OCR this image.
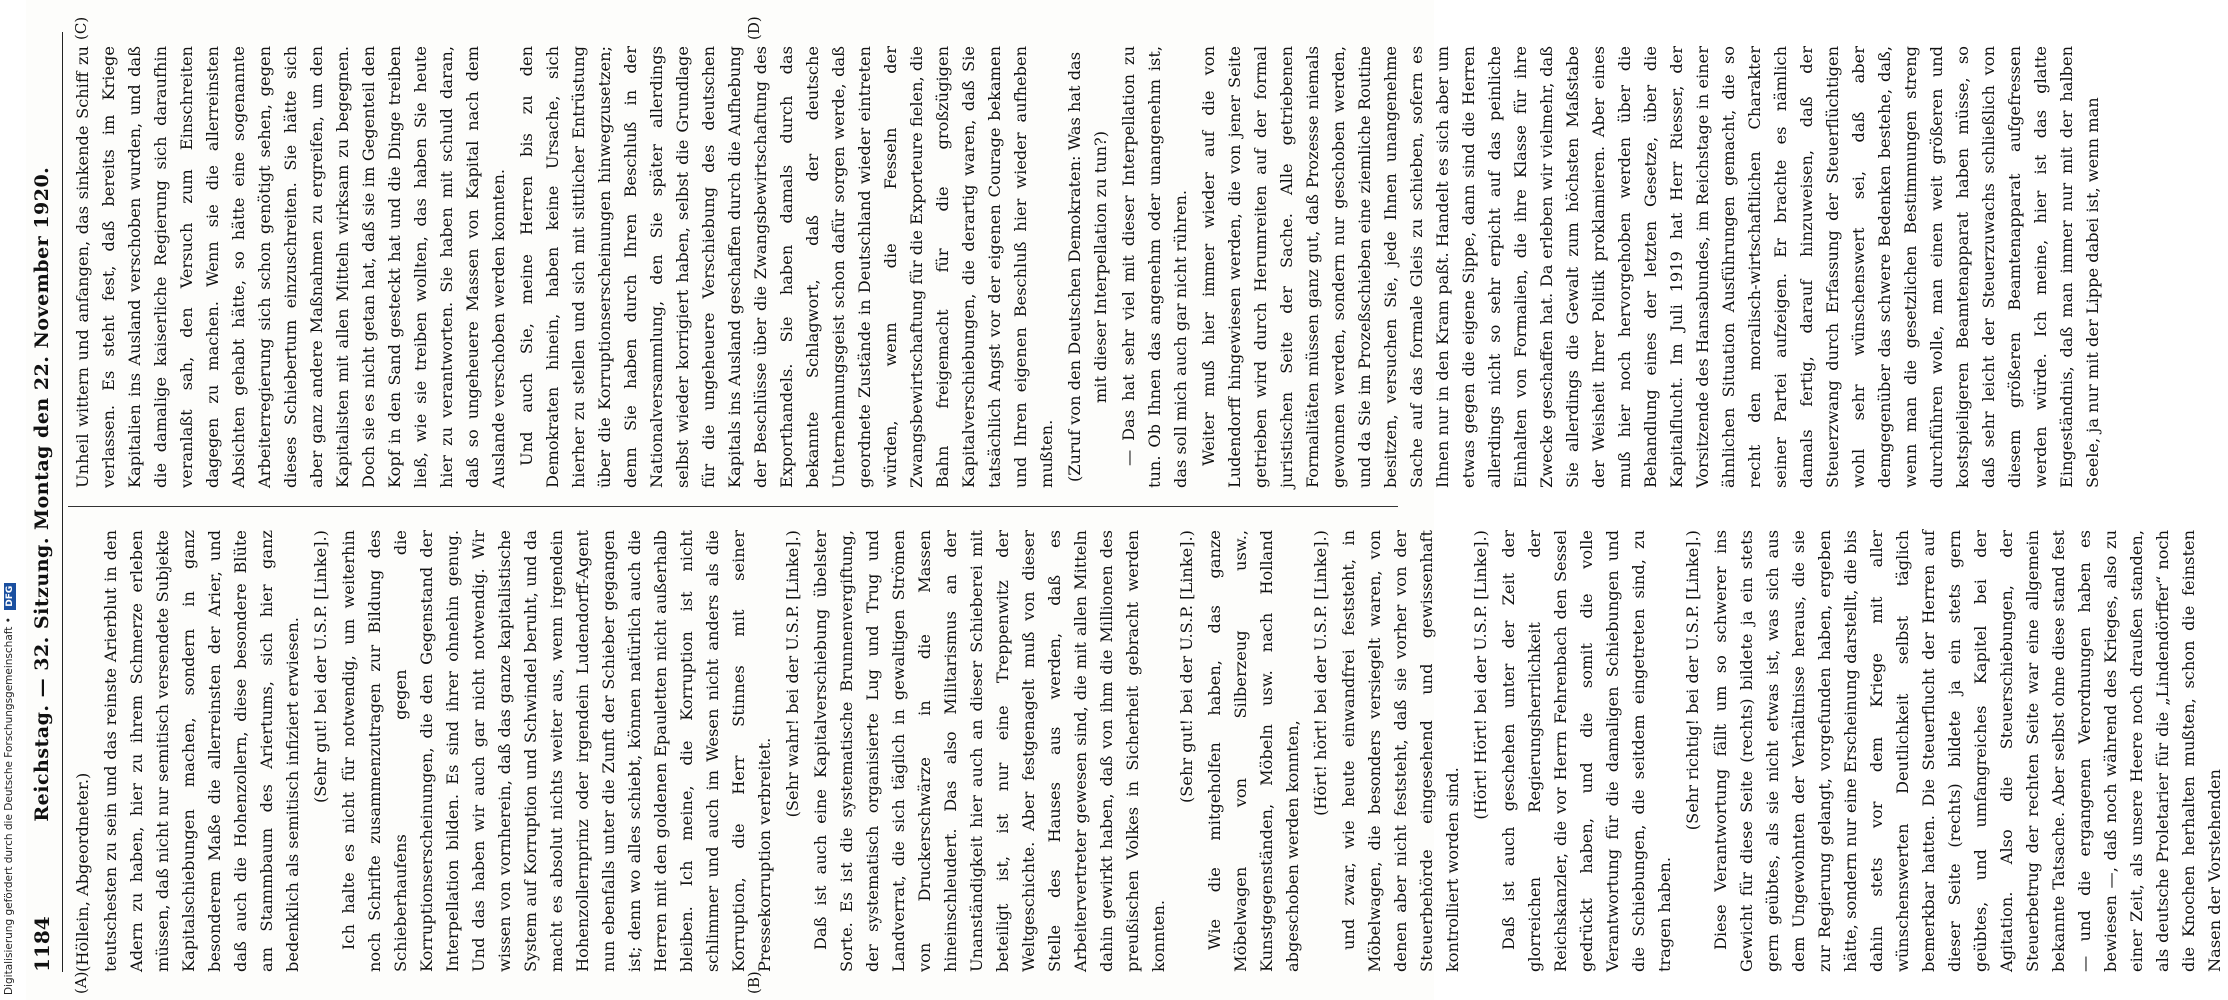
1184
Reichstag. — 32. Sitzung. Montag den 22. November 1920.
(A)	(B)
(C)	(D)

(Höllein, Abgeordneter.) teutschesten zu sein und das reinste Arierblut in den Adern zu haben, hier zu ihrem Schmerze erleben müssen, daß nicht nur semitisch versendete Subjekte Kapitalschiebungen machen, sondern in ganz besonderem Maße die allerreinsten der Arier, und daß auch die Hohenzollern, diese besondere Blüte am Stammbaum des Ariertums, sich hier ganz bedenklich als semitisch infiziert erwiesen. (Sehr gut! bei der U.S.P. [Linke].) Ich halte es nicht für notwendig, um weiterhin noch Schrifte zusammenzutragen zur Bildung des Schieberhaufens gegen die Korruptionserscheinungen, die den Gegenstand der Interpellation bilden. Es sind ihrer ohnehin genug. Und das haben wir auch gar nicht notwendig. Wir wissen von vornherein, daß das ganze kapitalistische System auf Korruption und Schwindel beruht, und da macht es absolut nichts weiter aus, wenn irgendein Hohenzollernprinz oder irgendein Ludendorff-Agent nun ebenfalls unter die Zunft der Schieber gegangen ist; denn wo alles schiebt, können natürlich auch die Herren mit den goldenen Epauletten nicht außerhalb bleiben. Ich meine, die Korruption ist nicht schlimmer und auch im Wesen nicht anders als die Korruption, die Herr Stinnes mit seiner Pressekorruption verbreitet.

(Sehr wahr! bei der U.S.P. [Linke].) Daß ist auch eine Kapitalverschiebung übelster Sorte. Es ist die systematische Brunnenvergiftung, der systematisch organisierte Lug und Trug und Landverrat, die sich täglich in gewaltigen Strömen von Druckerschwärze in die Massen hineinschleudert. Das also Militarismus an der Unanständigkeit hier auch an dieser Schieberei mit beteiligt ist, ist nur eine Treppenwitz der Weltgeschichte. Aber festgenagelt muß von dieser Stelle des Hauses aus werden, daß es Arbeitervertreter gewesen sind, die mit allen Mitteln dahin gewirkt haben, daß von ihm die Millionen des preußischen Volkes in Sicherheit gebracht werden konnten.

(Sehr gut! bei der U.S.P. [Linke].) Wie die mitgeholfen haben, das ganze Möbelwagen von Silberzeug usw., Kunstgegenständen, Möbeln usw. nach Holland abgeschoben werden konnten,

(Hört! hört! bei der U.S.P. [Linke].) und zwar, wie heute einwandfrei feststeht, in Möbelwagen, die besonders versiegelt waren, von denen aber nicht feststeht, daß sie vorher von der Steuerbehörde eingesehend und gewissenhaft kontrolliert worden sind.

(Hört! Hört! bei der U.S.P. [Linke].) Daß ist auch geschehen unter der Zeit der glorreichen Regierungsherrlichkeit der Reichskanzler, die vor Herrn Fehrenbach den Sessel gedrückt haben, und die somit die volle Verantwortung für die damaligen Schiebungen und die Schiebungen, die seitdem eingetreten sind, zu tragen haben.

(Sehr richtig! bei der U.S.P. [Linke].) Diese Verantwortung fällt um so schwerer ins Gewicht für diese Seite (rechts) bildete ja ein stets gern geübtes, als sie nicht etwas ist, was sich aus dem Ungewohnten der Verhältnisse heraus, die sie zur Regierung gelangt, vorgefunden haben, ergeben hätte, sondern nur eine Erscheinung darstellt, die bis dahin stets vor dem Kriege mit aller wünschenswerten Deutlichkeit selbst täglich bemerkbar hatten. Die Steuerflucht der Herren auf dieser Seite (rechts) bildete ja ein stets gern geübtes, und umfangreiches Kapitel bei der Agitation. Also die Steuerschiebungen, der Steuerbetrug der rechten Seite war eine allgemein bekannte Tatsache. Aber selbst ohne diese stand fest — und die ergangenen Verordnungen haben es bewiesen —, daß noch während des Krieges, also zu einer Zeit, als unsere Heere noch draußen standen, als deutsche Proletarier für die „Lindendörffer“ noch die Knochen herhalten mußten, schon die feinsten Nasen der Vorstehenden

Unheil wittern und anfangen, das sinkende Schiff zu verlassen. Es steht fest, daß bereits im Kriege Kapitalien ins Ausland verschoben wurden, und daß die damalige kaiserliche Regierung sich daraufhin veranlaßt sah, den Versuch zum Einschreiten dagegen zu machen. Wenn sie die allerreinsten Absichten gehabt hätte, so hätte eine sogenannte Arbeiterregierung sich schon genötigt sehen, gegen dieses Schiebertum einzuschreiten. Sie hätte sich aber ganz andere Maßnahmen zu ergreifen, um den Kapitalisten mit allen Mitteln wirksam zu begegnen. Doch sie es nicht getan hat, daß sie im Gegenteil den Kopf in den Sand gesteckt hat und die Dinge treiben ließ, wie sie treiben wollten, das haben Sie heute hier zu verantworten. Sie haben mit schuld daran, daß so ungeheuere Massen von Kapital nach dem Auslande verschoben werden konnten. Und auch Sie, meine Herren bis zu den Demokraten hinein, haben keine Ursache, sich hierher zu stellen und sich mit sittlicher Entrüstung über die Korruptionserscheinungen hinwegzusetzen; denn Sie haben durch Ihren Beschluß in der Nationalversammlung, den Sie später allerdings selbst wieder korrigiert haben, selbst die Grundlage für die ungeheuere Verschiebung des deutschen Kapitals ins Ausland geschaffen durch die Aufhebung der Beschlüsse über die Zwangsbewirtschaftung des Exporthandels. Sie haben damals durch das bekannte Schlagwort, daß der deutsche Unternehmungsgeist schon dafür sorgen werde, daß geordnete Zustände in Deutschland wieder eintreten würden, wenn die Fesseln der Zwangsbewirtschaftung für die Exporteure fielen, die Bahn freigemacht für die großzügigen Kapitalverschiebungen, die derartig waren, daß Sie tatsächlich Angst vor der eigenen Courage bekamen und Ihren eigenen Beschluß hier wieder aufheben mußten. (Zuruf von den Deutschen Demokraten: Was hat das mit dieser Interpellation zu tun?) — Das hat sehr viel mit dieser Interpellation zu tun. Ob Ihnen das angenehm oder unangenehm ist, das soll mich auch gar nicht rühren. Weiter muß hier immer wieder auf die von Ludendorff hingewiesen werden, die von jener Seite getrieben wird durch Herumreiten auf der formal juristischen Seite der Sache. Alle getriebenen Formalitäten müssen ganz gut, daß Prozesse niemals gewonnen werden, sondern nur geschoben werden, und da Sie im Prozeßschieben eine ziemliche Routine besitzen, versuchen Sie, jede Ihnen unangenehme Sache auf das formale Gleis zu schieben, sofern es Ihnen nur in den Kram paßt. Handelt es sich aber um etwas gegen die eigene Sippe, dann sind die Herren allerdings nicht so sehr erpicht auf das peinliche Einhalten von Formalien, die ihre Klasse für ihre Zwecke geschaffen hat. Da erleben wir vielmehr, daß Sie allerdings die Gewalt zum höchsten Maßstabe der Weisheit Ihrer Politik proklamieren. Aber eines muß hier noch hervorgehoben werden über die Behandlung eines der letzten Gesetze, über die Kapitalflucht. Im Juli 1919 hat Herr Riesser, der Vorsitzende des Hansabundes, im Reichstage in einer ähnlichen Situation Ausführungen gemacht, die so recht den moralisch-wirtschaftlichen Charakter seiner Partei aufzeigen. Er brachte es nämlich damals fertig, darauf hinzuweisen, daß der Steuerzwang durch Erfassung der Steuerflüchtigen wohl sehr wünschenswert sei, daß aber demgegenüber das schwere Bedenken bestehe, daß, wenn man die gesetzlichen Bestimmungen streng durchführen wolle, man einen weit größeren und kostspieligeren Beamtenapparat haben müsse, so daß sehr leicht der Steuerzuwachs schließlich von diesem größeren Beamtenapparat aufgefressen werden würde. Ich meine, hier ist das glatte Eingeständnis, daß man immer nur mit der halben Seele, ja nur mit der Lippe dabei ist, wenn man

Digitalisierung gefördert durch die Deutsche Forschungsgemeinschaft • DFG
